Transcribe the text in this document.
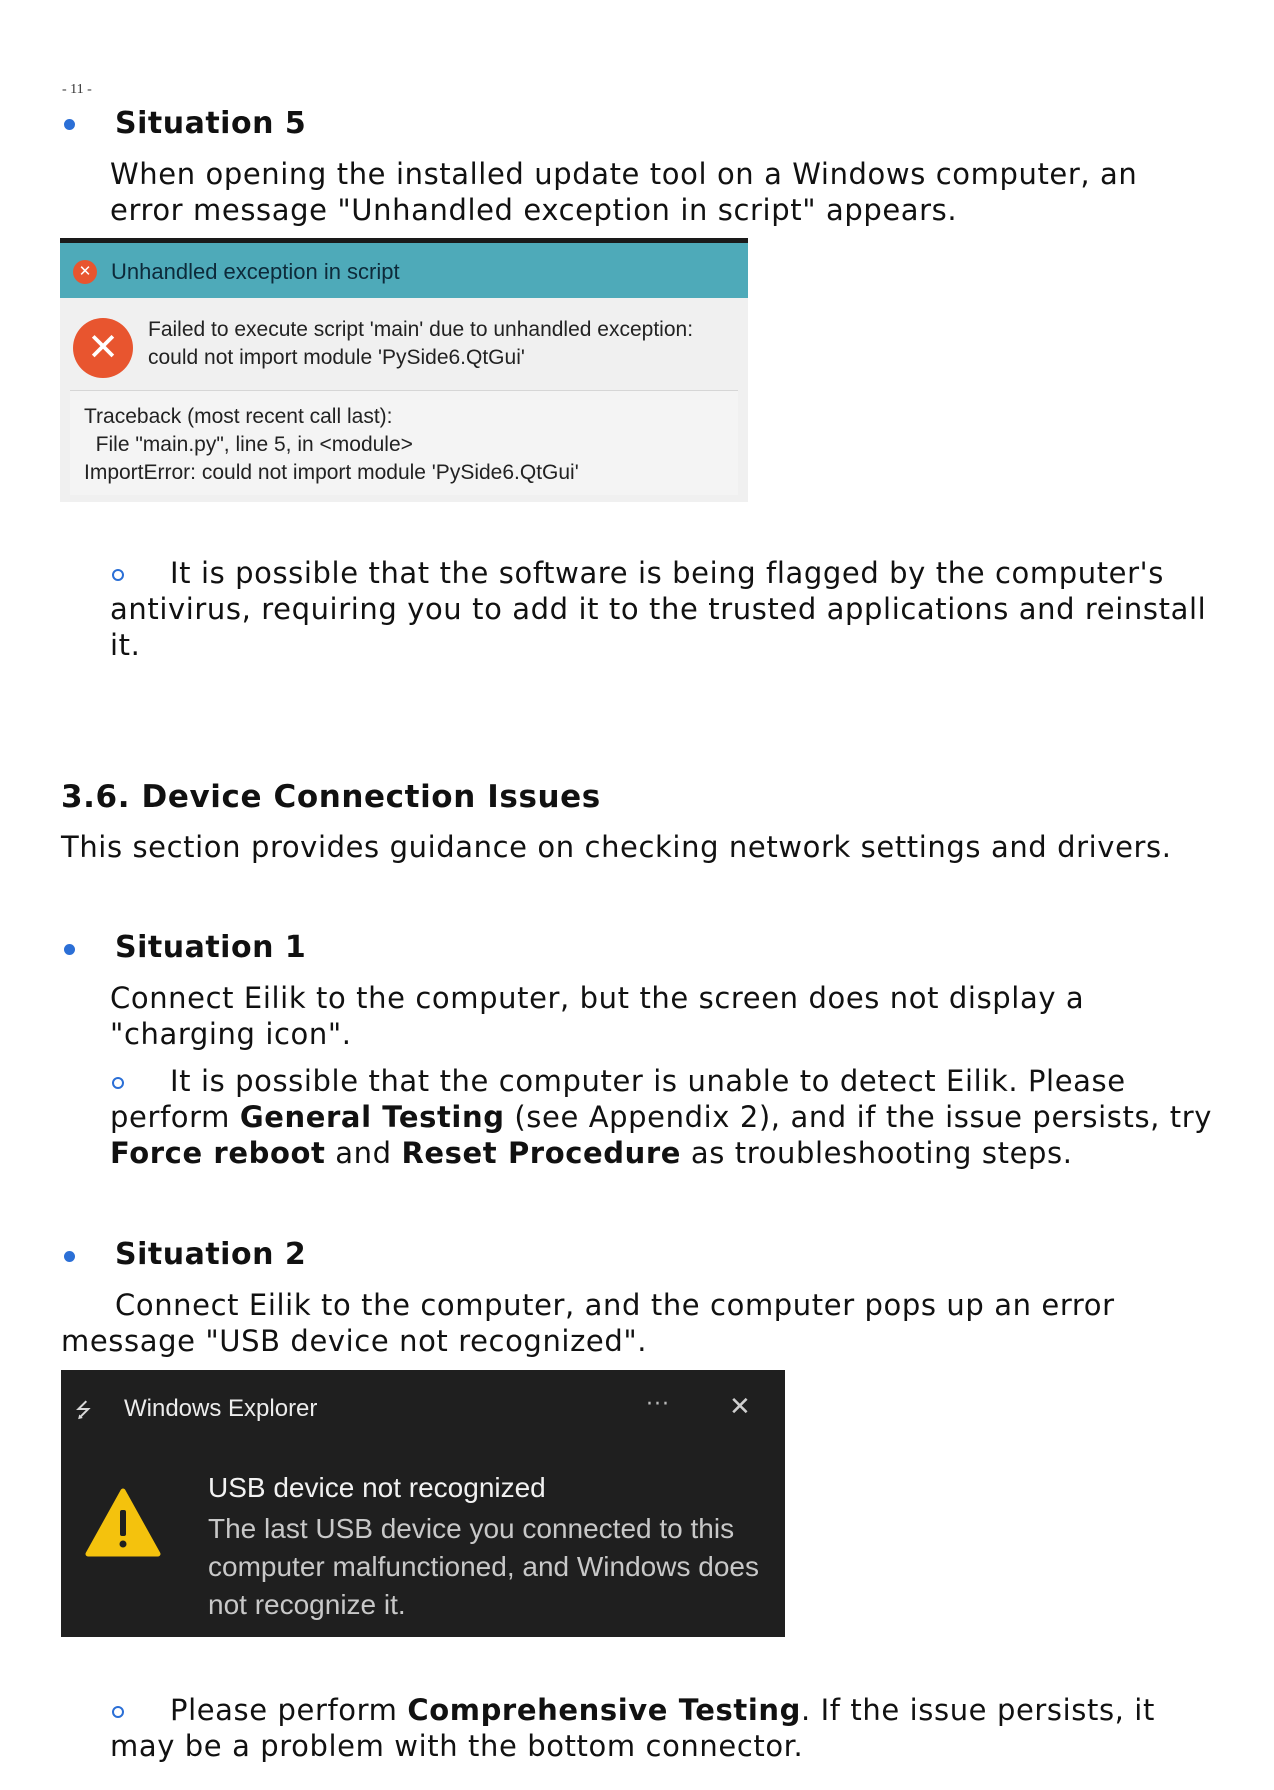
- 11 -
Situation 5
When opening the installed update tool on a Windows computer, an error message "Unhandled exception in script" appears.
✕ Unhandled exception in script
✕	Failed to execute script 'main' due to unhandled exception:
could not import module 'PySide6.QtGui'
Traceback (most recent call last):
File "main.py", line 5, in <module>
ImportError: could not import module 'PySide6.QtGui'
It is possible that the software is being flagged by the computer's antivirus, requiring you to add it to the trusted applications and reinstall it.
3.6. Device Connection Issues
This section provides guidance on checking network settings and drivers.
Situation 1
Connect Eilik to the computer, but the screen does not display a "charging icon".
It is possible that the computer is unable to detect Eilik. Please perform General Testing (see Appendix 2), and if the issue persists, try Force reboot and Reset Procedure as troubleshooting steps.
Situation 2
Connect Eilik to the computer, and the computer pops up an error message "USB device not recognized".
⭍	Windows Explorer	··· ✕
USB device not recognized
The last USB device you connected to this computer malfunctioned, and Windows does not recognize it.
Please perform Comprehensive Testing. If the issue persists, it may be a problem with the bottom connector.
